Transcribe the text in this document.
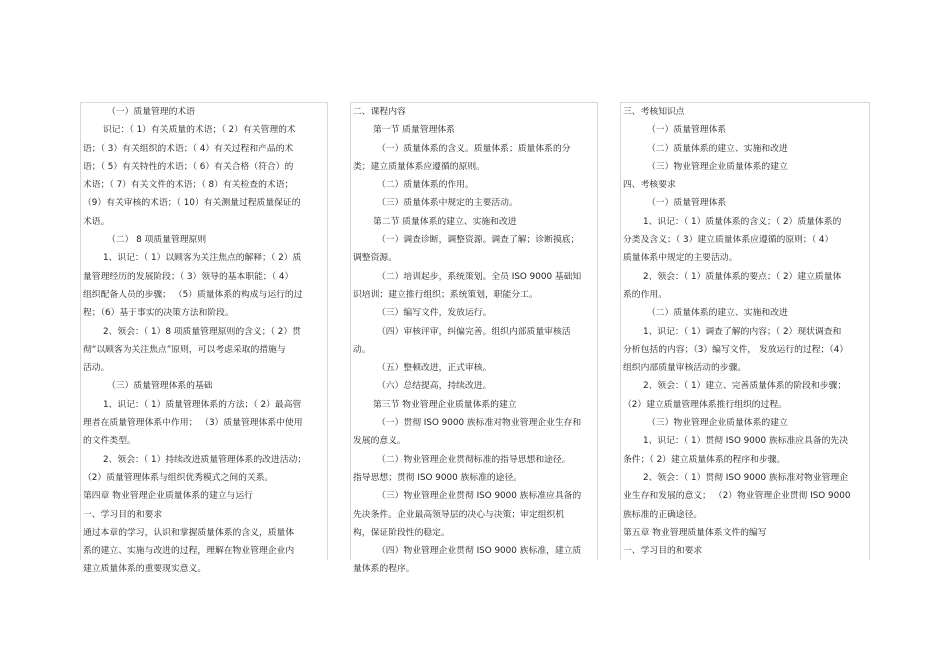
（一）质量管理的术语
识记：（ 1）有关质量的术语；（ 2）有关管理的术
语；（ 3）有关组织的术语；（ 4）有关过程和产品的术
语；（ 5）有关特性的术语；（ 6）有关合格（符合）的
术语；（ 7）有关文件的术语；（ 8）有关检查的术语；
（9）有关审核的术语；（ 10）有关测量过程质量保证的
术语。
（二） 8 项质量管理原则
1、识记：（ 1）以顾客为关注焦点的解释；（ 2）质
量管理经历的发展阶段；（ 3）领导的基本职能；（ 4）
组织配备人员的步骤； （5）质量体系的构成与运行的过
程；（6）基于事实的决策方法和阶段。
2、领会：（ 1）8 项质量管理原则的含义；（ 2）贯
彻“以顾客为关注焦点”原则，可以考虑采取的措施与
活动。
（三）质量管理体系的基础
1、识记：（ 1）质量管理体系的方法；（ 2）最高管
理者在质量管理体系中作用； （3）质量管理体系中使用
的文件类型。
2、领会：（ 1）持续改进质量管理体系的改进活动；
（2）质量管理体系与组织优秀模式之间的关系。
第四章 物业管理企业质量体系的建立与运行
一、学习目的和要求
通过本章的学习，认识和掌握质量体系的含义，质量体
系的建立、实施与改进的过程，理解在物业管理企业内
建立质量体系的重要现实意义。
二、课程内容
第一节 质量管理体系
（一）质量体系的含义。质量体系；质量体系的分
类；建立质量体系应遵循的原则。
（二）质量体系的作用。
（三）质量体系中规定的主要活动。
第二节 质量体系的建立、实施和改进
（一）调查诊断，调整资源。调查了解；诊断摸底；
调整资源。
（二）培训起步，系统策划。全员 ISO 9000 基础知
识培训；建立推行组织；系统策划，职能分工。
（三）编写文件，发放运行。
（四）审核评审，纠偏完善。组织内部质量审核活
动。
（五）整顿改进，正式审核。
（六）总结提高，持续改进。
第三节 物业管理企业质量体系的建立
（一）贯彻 ISO 9000 族标准对物业管理企业生存和
发展的意义。
（二）物业管理企业贯彻标准的指导思想和途径。
指导思想；贯彻 ISO 9000 族标准的途径。
（三）物业管理企业贯彻 ISO 9000 族标准应具备的
先决条件。企业最高领导层的决心与决策；审定组织机
构，保证阶段性的稳定。
（四）物业管理企业贯彻 ISO 9000 族标准，建立质
量体系的程序。
三、考核知识点
（一）质量管理体系
（二）质量体系的建立、实施和改进
（三）物业管理企业质量体系的建立
四、考核要求
（一）质量管理体系
1、识记：（ 1）质量体系的含义；（ 2）质量体系的
分类及含义；（ 3）建立质量体系应遵循的原则；（ 4）
质量体系中规定的主要活动。
2、领会：（ 1）质量体系的要点；（ 2）建立质量体
系的作用。
（二）质量体系的建立、实施和改进
1、识记：（ 1）调查了解的内容；（ 2）现状调查和
分析包括的内容；（3）编写文件， 发放运行的过程；（4）
组织内部质量审核活动的步骤。
2、领会：（ 1）建立、完善质量体系的阶段和步骤；
（2）建立质量管理体系推行组织的过程。
（三）物业管理企业质量体系的建立
1、识记：（ 1）贯彻 ISO 9000 族标准应具备的先决
条件；（ 2）建立质量体系的程序和步骤。
2、领会：（ 1）贯彻 ISO 9000 族标准对物业管理企
业生存和发展的意义； （2）物业管理企业贯彻 ISO 9000
族标准的正确途径。
第五章 物业管理质量体系文件的编写
一、学习目的和要求
